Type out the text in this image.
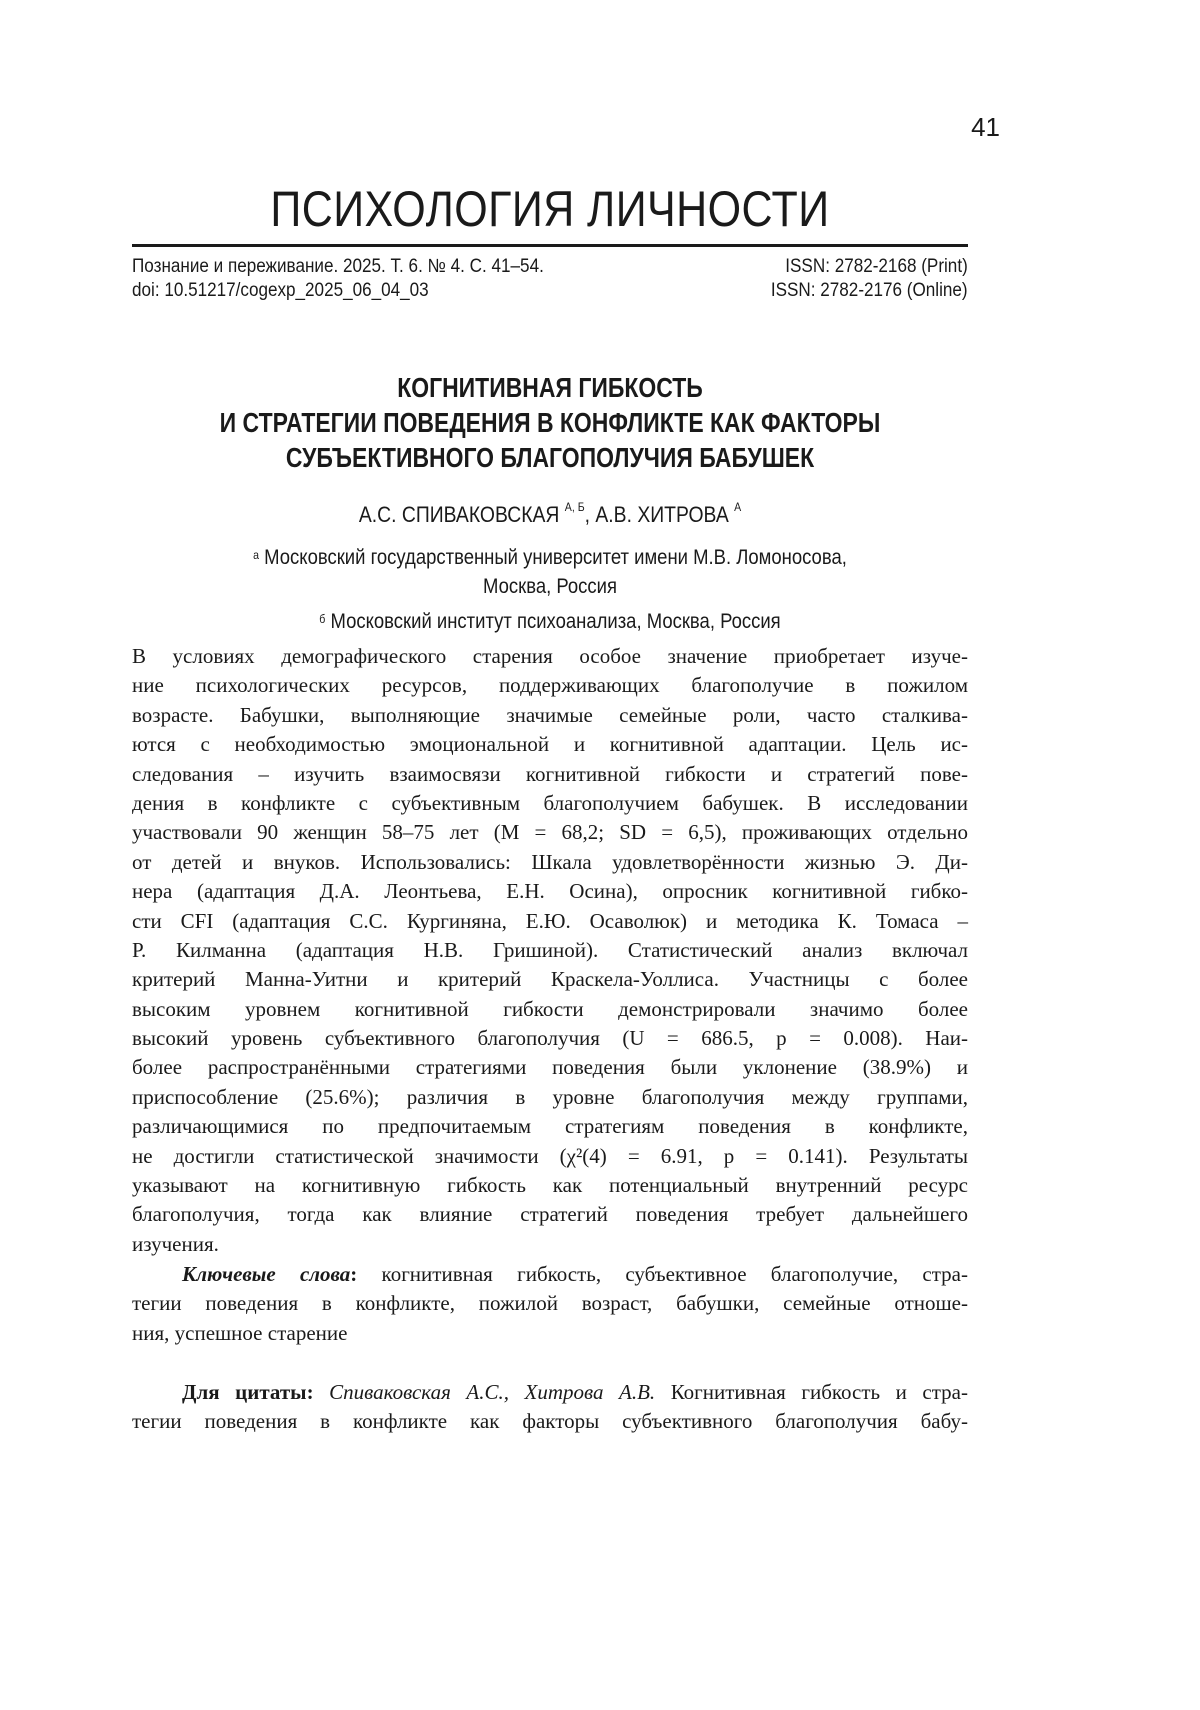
41
ПСИХОЛОГИЯ ЛИЧНОСТИ
Познание и переживание. 2025. Т. 6. № 4. С. 41–54.
doi: 10.51217/cogexp_2025_06_04_03
ISSN: 2782-2168 (Print)
ISSN: 2782-2176 (Online)
КОГНИТИВНАЯ ГИБКОСТЬ
И СТРАТЕГИИ ПОВЕДЕНИЯ В КОНФЛИКТЕ КАК ФАКТОРЫ
СУБЪЕКТИВНОГО БЛАГОПОЛУЧИЯ БАБУШЕК
А.С. СПИВАКОВСКАЯ $^{А, Б}$, А.В. ХИТРОВА $^А$
$^а$ Московский государственный университет имени М.В. Ломоносова,
Москва, Россия
$^б$ Московский институт психоанализа, Москва, Россия
В условиях демографического старения особое значение приобретает изуче-
ние психологических ресурсов, поддерживающих благополучие в пожилом
возрасте. Бабушки, выполняющие значимые семейные роли, часто сталкива-
ются с необходимостью эмоциональной и когнитивной адаптации. Цель ис-
следования – изучить взаимосвязи когнитивной гибкости и стратегий пове-
дения в конфликте с субъективным благополучием бабушек. В исследовании
участвовали 90 женщин 58–75 лет (M = 68,2; SD = 6,5), проживающих отдельно
от детей и внуков. Использовались: Шкала удовлетворённости жизнью Э. Ди-
нера (адаптация Д.А. Леонтьева, Е.Н. Осина), опросник когнитивной гибко-
сти CFI (адаптация С.С. Кургиняна, Е.Ю. Осаволюк) и методика К. Томаса –
Р. Килманна (адаптация Н.В. Гришиной). Статистический анализ включал
критерий Манна-Уитни и критерий Краскела-Уоллиса. Участницы с более
высоким уровнем когнитивной гибкости демонстрировали значимо более
высокий уровень субъективного благополучия (U = 686.5, p = 0.008). Наи-
более распространёнными стратегиями поведения были уклонение (38.9%) и
приспособление (25.6%); различия в уровне благополучия между группами,
различающимися по предпочитаемым стратегиям поведения в конфликте,
не достигли статистической значимости (χ²(4) = 6.91, p = 0.141). Результаты
указывают на когнитивную гибкость как потенциальный внутренний ресурс
благополучия, тогда как влияние стратегий поведения требует дальнейшего
изучения.
Ключевые слова: когнитивная гибкость, субъективное благополучие, стра-
тегии поведения в конфликте, пожилой возраст, бабушки, семейные отноше-
ния, успешное старение
Для цитаты: Спиваковская А.С., Хитрова А.В. Когнитивная гибкость и стра-
тегии поведения в конфликте как факторы субъективного благополучия бабу-
